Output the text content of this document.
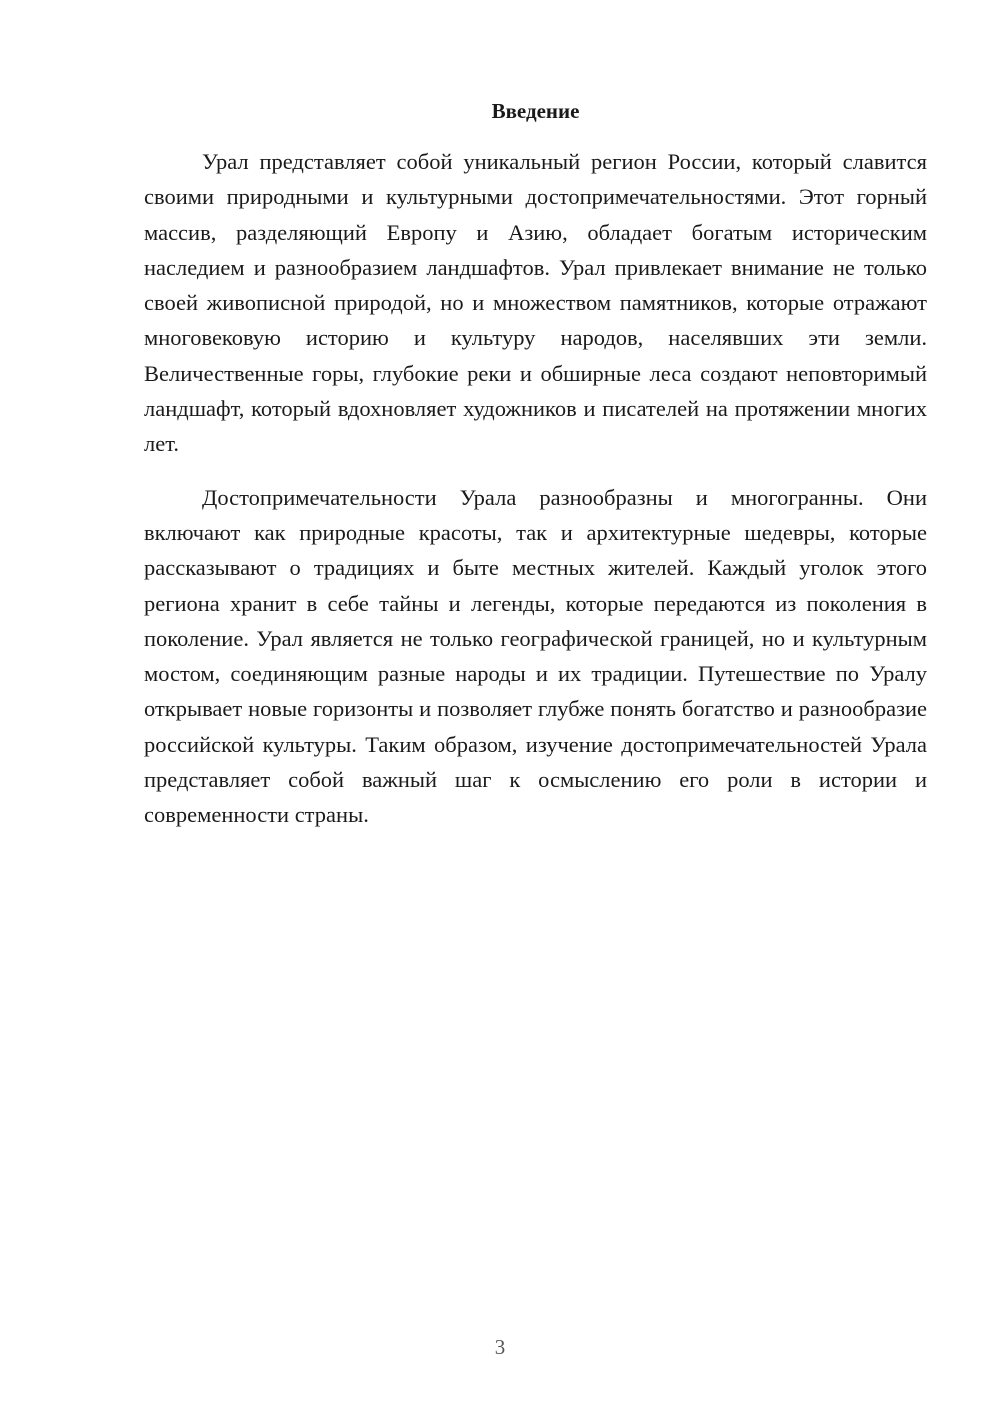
Введение

Урал представляет собой уникальный регион России, который славится своими природными и культурными достопримечательностями. Этот горный массив, разделяющий Европу и Азию, обладает богатым историческим наследием и разнообразием ландшафтов. Урал привлекает внимание не только своей живописной природой, но и множеством памятников, которые отражают многовековую историю и культуру народов, населявших эти земли. Величественные горы, глубокие реки и обширные леса создают неповторимый ландшафт, который вдохновляет художников и писателей на протяжении многих лет.

Достопримечательности Урала разнообразны и многогранны. Они включают как природные красоты, так и архитектурные шедевры, которые рассказывают о традициях и быте местных жителей. Каждый уголок этого региона хранит в себе тайны и легенды, которые передаются из поколения в поколение. Урал является не только географической границей, но и культурным мостом, соединяющим разные народы и их традиции. Путешествие по Уралу открывает новые горизонты и позволяет глубже понять богатство и разнообразие российской культуры. Таким образом, изучение достопримечательностей Урала представляет собой важный шаг к осмыслению его роли в истории и современности страны.

3
